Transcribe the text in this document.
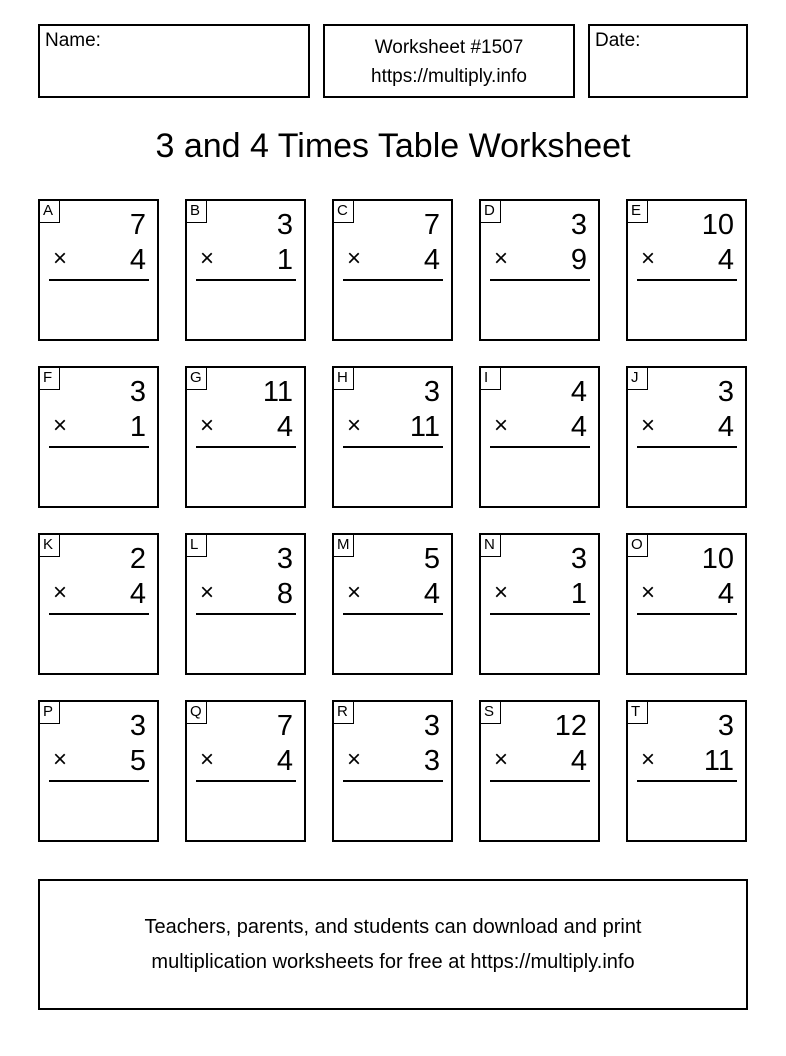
Name:	Worksheet #1507
https://multiply.info
Date:
3 and 4 Times Table Worksheet
A	7
× 4
B	3
× 1
C	7
× 4
D	3
× 9
E 10
× 4
F	3
× 1
G 11
× 4
H	3
× 11
I	4
× 4
J	3
× 4
K	2
× 4
L	3
× 8
M	5
× 4
N	3
× 1
O 10
× 4
P	3
× 5
Q	7
× 4
R	3
× 3
S 12
× 4
T	3
× 11
Teachers, parents, and students can download and print
multiplication worksheets for free at https://multiply.info
